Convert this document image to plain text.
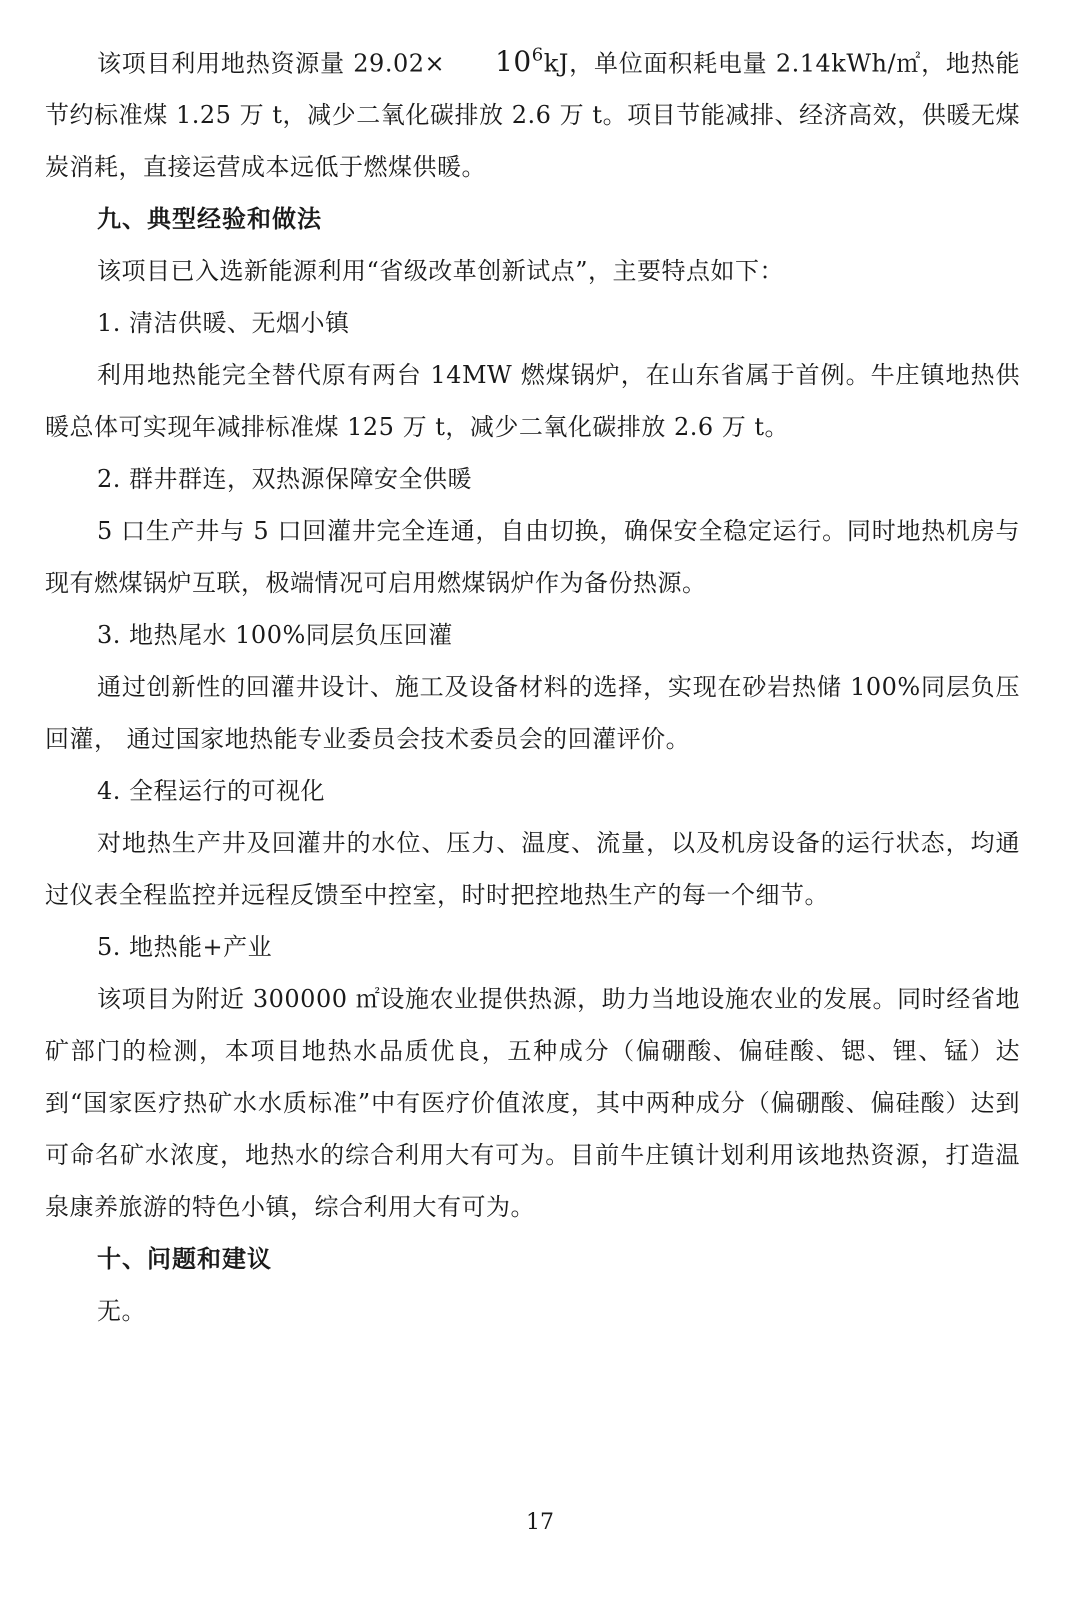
该项目利用地热资源量 $29.02\times 10^6kJ$，单位面积耗电量 2.14kWh/㎡，地热能节约标准煤 1.25 万 t，减少二氧化碳排放 2.6 万 t。项目节能减排、经济高效，供暖无煤炭消耗，直接运营成本远低于燃煤供暖。

九、典型经验和做法

该项目已入选新能源利用“省级改革创新试点”，主要特点如下：

1. 清洁供暖、无烟小镇

利用地热能完全替代原有两台 14MW 燃煤锅炉，在山东省属于首例。牛庄镇地热供暖总体可实现年减排标准煤 125 万 t，减少二氧化碳排放 2.6 万 t。

2. 群井群连，双热源保障安全供暖

5 口生产井与 5 口回灌井完全连通，自由切换，确保安全稳定运行。同时地热机房与现有燃煤锅炉互联，极端情况可启用燃煤锅炉作为备份热源。

3. 地热尾水 100%同层负压回灌

通过创新性的回灌井设计、施工及设备材料的选择，实现在砂岩热储 100%同层负压回灌， 通过国家地热能专业委员会技术委员会的回灌评价。

4. 全程运行的可视化

对地热生产井及回灌井的水位、压力、温度、流量，以及机房设备的运行状态，均通过仪表全程监控并远程反馈至中控室，时时把控地热生产的每一个细节。

5. 地热能+产业

该项目为附近 300000 ㎡设施农业提供热源，助力当地设施农业的发展。同时经省地矿部门的检测，本项目地热水品质优良，五种成分（偏硼酸、偏硅酸、锶、锂、锰）达到“国家医疗热矿水水质标准”中有医疗价值浓度，其中两种成分（偏硼酸、偏硅酸）达到可命名矿水浓度，地热水的综合利用大有可为。目前牛庄镇计划利用该地热资源，打造温泉康养旅游的特色小镇，综合利用大有可为。

十、问题和建议

无。

17
